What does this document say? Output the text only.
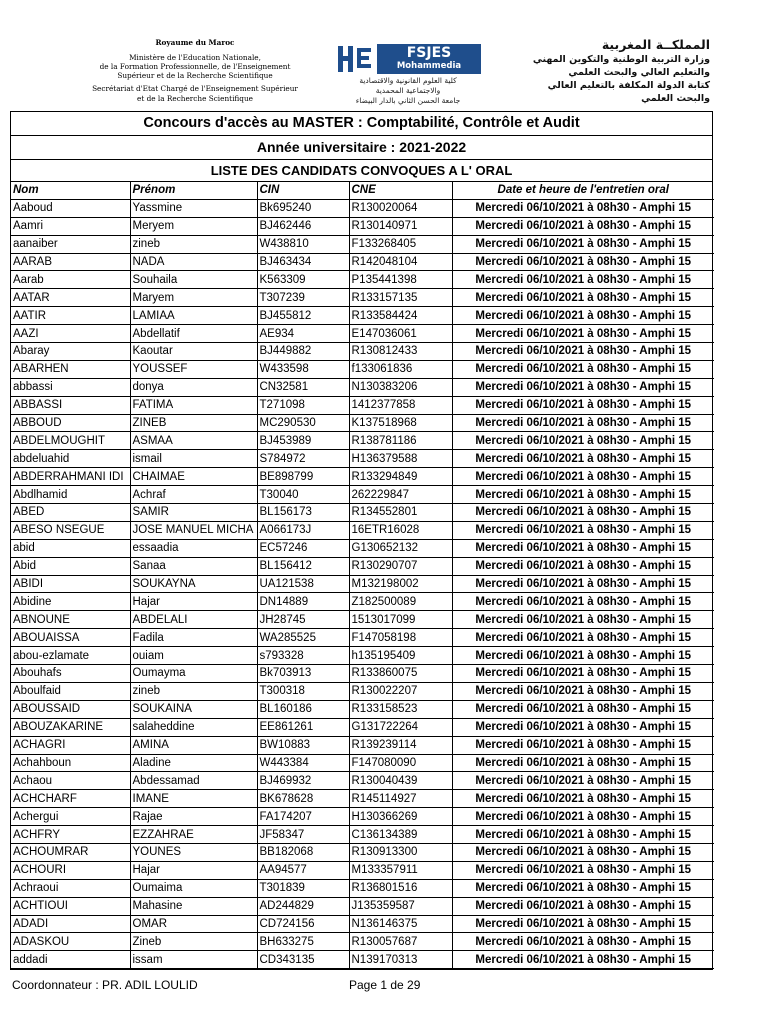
Royaume du Maroc
Ministère de l'Education Nationale,
de la Formation Professionnelle, de l'Enseignement
Supérieur et de la Recherche Scientifique
Secrétariat d'Etat Chargé de l'Enseignement Supérieur
et de la Recherche Scientifique
FSJES
Mohammedia
كلية العلوم القانونية والاقتصادية
والاجتماعية المحمدية
جامعة الحسن الثاني بالدار البيضاء
المملكــة المغربية
وزارة التربية الوطنية والتكوين المهني
والتعليم العالي والبحث العلمي
كتابة الدولة المكلفة بالتعليم العالي
والبحث العلمي
Concours d'accès au MASTER : Comptabilité, Contrôle et Audit
Année universitaire : 2021-2022
LISTE DES CANDIDATS CONVOQUES A L' ORAL
Nom	Prénom	CIN	CNE	Date et heure de l'entretien oral
Aaboud	Yassmine	Bk695240	R130020064	Mercredi 06/10/2021 à 08h30 - Amphi 15
Aamri	Meryem	BJ462446	R130140971	Mercredi 06/10/2021 à 08h30 - Amphi 15
aanaiber	zineb	W438810	F133268405	Mercredi 06/10/2021 à 08h30 - Amphi 15
AARAB	NADA	BJ463434	R142048104	Mercredi 06/10/2021 à 08h30 - Amphi 15
Aarab	Souhaila	K563309	P135441398	Mercredi 06/10/2021 à 08h30 - Amphi 15
AATAR	Maryem	T307239	R133157135	Mercredi 06/10/2021 à 08h30 - Amphi 15
AATIR	LAMIAA	BJ455812	R133584424	Mercredi 06/10/2021 à 08h30 - Amphi 15
AAZI	Abdellatif	AE934	E147036061	Mercredi 06/10/2021 à 08h30 - Amphi 15
Abaray	Kaoutar	BJ449882	R130812433	Mercredi 06/10/2021 à 08h30 - Amphi 15
ABARHEN	YOUSSEF	W433598	f133061836	Mercredi 06/10/2021 à 08h30 - Amphi 15
abbassi	donya	CN32581	N130383206	Mercredi 06/10/2021 à 08h30 - Amphi 15
ABBASSI	FATIMA	T271098	1412377858	Mercredi 06/10/2021 à 08h30 - Amphi 15
ABBOUD	ZINEB	MC290530	K137518968	Mercredi 06/10/2021 à 08h30 - Amphi 15
ABDELMOUGHIT	ASMAA	BJ453989	R138781186	Mercredi 06/10/2021 à 08h30 - Amphi 15
abdeluahid	ismail	S784972	H136379588	Mercredi 06/10/2021 à 08h30 - Amphi 15
ABDERRAHMANI IDI	CHAIMAE	BE898799	R133294849	Mercredi 06/10/2021 à 08h30 - Amphi 15
Abdlhamid	Achraf	T30040	262229847	Mercredi 06/10/2021 à 08h30 - Amphi 15
ABED	SAMIR	BL156173	R134552801	Mercredi 06/10/2021 à 08h30 - Amphi 15
ABESO NSEGUE	JOSE MANUEL MICHA	A066173J	16ETR16028	Mercredi 06/10/2021 à 08h30 - Amphi 15
abid	essaadia	EC57246	G130652132	Mercredi 06/10/2021 à 08h30 - Amphi 15
Abid	Sanaa	BL156412	R130290707	Mercredi 06/10/2021 à 08h30 - Amphi 15
ABIDI	SOUKAYNA	UA121538	M132198002	Mercredi 06/10/2021 à 08h30 - Amphi 15
Abidine	Hajar	DN14889	Z182500089	Mercredi 06/10/2021 à 08h30 - Amphi 15
ABNOUNE	ABDELALI	JH28745	1513017099	Mercredi 06/10/2021 à 08h30 - Amphi 15
ABOUAISSA	Fadila	WA285525	F147058198	Mercredi 06/10/2021 à 08h30 - Amphi 15
abou-ezlamate	ouiam	s793328	h135195409	Mercredi 06/10/2021 à 08h30 - Amphi 15
Abouhafs	Oumayma	Bk703913	R133860075	Mercredi 06/10/2021 à 08h30 - Amphi 15
Aboulfaid	zineb	T300318	R130022207	Mercredi 06/10/2021 à 08h30 - Amphi 15
ABOUSSAID	SOUKAINA	BL160186	R133158523	Mercredi 06/10/2021 à 08h30 - Amphi 15
ABOUZAKARINE	salaheddine	EE861261	G131722264	Mercredi 06/10/2021 à 08h30 - Amphi 15
ACHAGRI	AMINA	BW10883	R139239114	Mercredi 06/10/2021 à 08h30 - Amphi 15
Achahboun	Aladine	W443384	F147080090	Mercredi 06/10/2021 à 08h30 - Amphi 15
Achaou	Abdessamad	BJ469932	R130040439	Mercredi 06/10/2021 à 08h30 - Amphi 15
ACHCHARF	IMANE	BK678628	R145114927	Mercredi 06/10/2021 à 08h30 - Amphi 15
Achergui	Rajae	FA174207	H130366269	Mercredi 06/10/2021 à 08h30 - Amphi 15
ACHFRY	EZZAHRAE	JF58347	C136134389	Mercredi 06/10/2021 à 08h30 - Amphi 15
ACHOUMRAR	YOUNES	BB182068	R130913300	Mercredi 06/10/2021 à 08h30 - Amphi 15
ACHOURI	Hajar	AA94577	M133357911	Mercredi 06/10/2021 à 08h30 - Amphi 15
Achraoui	Oumaima	T301839	R136801516	Mercredi 06/10/2021 à 08h30 - Amphi 15
ACHTIOUI	Mahasine	AD244829	J135359587	Mercredi 06/10/2021 à 08h30 - Amphi 15
ADADI	OMAR	CD724156	N136146375	Mercredi 06/10/2021 à 08h30 - Amphi 15
ADASKOU	Zineb	BH633275	R130057687	Mercredi 06/10/2021 à 08h30 - Amphi 15
addadi	issam	CD343135	N139170313	Mercredi 06/10/2021 à 08h30 - Amphi 15
Coordonnateur : PR. ADIL LOULID	Page 1 de 29
